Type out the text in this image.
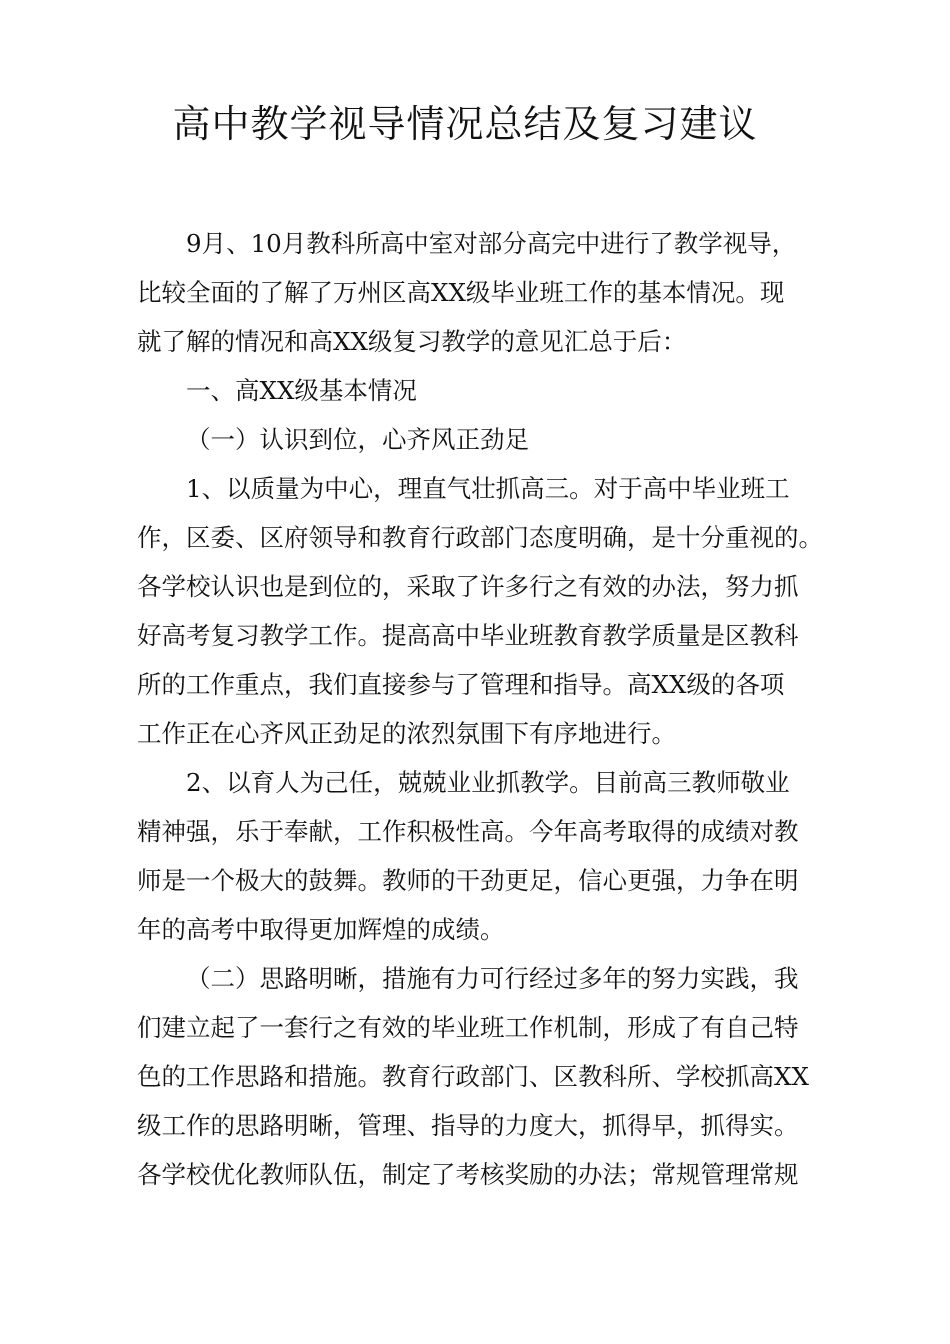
高中教学视导情况总结及复习建议
9月、10月教科所高中室对部分高完中进行了教学视导，
比较全面的了解了万州区高XX级毕业班工作的基本情况。现
就了解的情况和高XX级复习教学的意见汇总于后：
一、高XX级基本情况
（一）认识到位，心齐风正劲足
1、以质量为中心，理直气壮抓高三。对于高中毕业班工
作，区委、区府领导和教育行政部门态度明确，是十分重视的。
各学校认识也是到位的，采取了许多行之有效的办法，努力抓
好高考复习教学工作。提高高中毕业班教育教学质量是区教科
所的工作重点，我们直接参与了管理和指导。高XX级的各项
工作正在心齐风正劲足的浓烈氛围下有序地进行。
2、以育人为己任，兢兢业业抓教学。目前高三教师敬业
精神强，乐于奉献，工作积极性高。今年高考取得的成绩对教
师是一个极大的鼓舞。教师的干劲更足，信心更强，力争在明
年的高考中取得更加辉煌的成绩。
（二）思路明晰，措施有力可行经过多年的努力实践，我
们建立起了一套行之有效的毕业班工作机制，形成了有自己特
色的工作思路和措施。教育行政部门、区教科所、学校抓高XX
级工作的思路明晰，管理、指导的力度大，抓得早，抓得实。
各学校优化教师队伍，制定了考核奖励的办法；常规管理常规
